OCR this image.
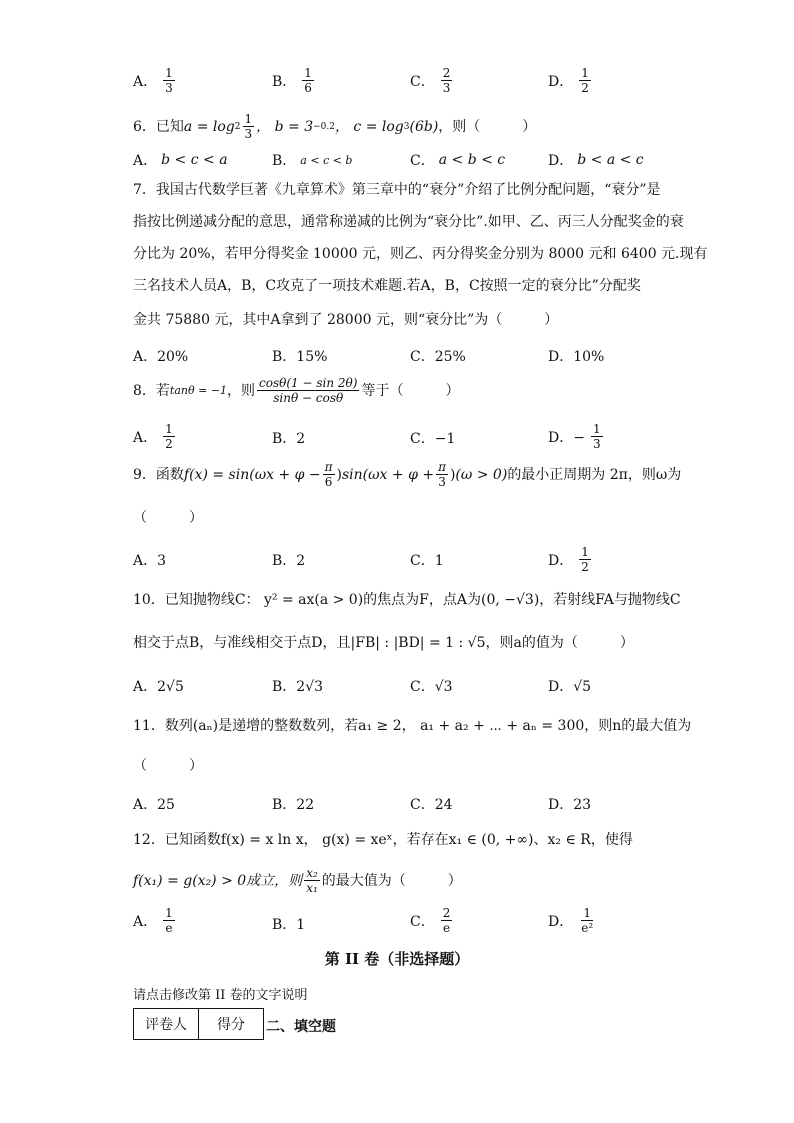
A． $\frac{1}{3}$	B． $\frac{1}{6}$	C． $\frac{2}{3}$	D． $\frac{1}{2}$
6．已知 $a = \log 2 \frac{1}{3}$ ， b = 3 −0.2 ， c = log 3 (6b) ，则（　　　）
A． b < c < a	B． a < c < b	C． a < b < c	D． b < a < c
7．我国古代数学巨著《九章算术》第三章中的“衰分”介绍了比例分配问题，“衰分”是
指按比例递减分配的意思，通常称递减的比例为“衰分比”.如甲、乙、丙三人分配奖金的衰
分比为 20%，若甲分得奖金 10000 元，则乙、丙分得奖金分别为 8000 元和 6400 元.现有
三名技术人员A，B，C攻克了一项技术难题.若A，B，C按照一定的衰分比”分配奖
金共 75880 元，其中A拿到了 28000 元，则“衰分比”为（　　　）
A．20%	B．15%	C．25%	D．10%
8．若 tanθ = −1 ，则 $\frac{\cos\theta(1 - \sin 2\theta)}{\sin\theta - \cos\theta}$ 等于（　　　）
A． $\frac{1}{2}$	B．2	C．−1	D．− $\frac{1}{3}$
9．函数 $f(x) = \sin (\omega x + \varphi - \frac{\pi}{6}$ ) $\sin (\omega x + \varphi + \frac{\pi}{3}$ ) (ω > 0) 的最小正周期为 2π，则ω为
（　　　）
A．3	B．2	C．1	D． $\frac{1}{2}$
10．已知抛物线C： y² = ax(a > 0)的焦点为F，点A为(0, −√3)，若射线FA与抛物线C
相交于点B，与准线相交于点D，且|FB| : |BD| = 1 : √5，则a的值为（　　　）
A．2√5	B．2√3	C．√3	D．√5
11．数列(aₙ)是递增的整数数列，若a₁ ≥ 2， a₁ + a₂ + ⋯ + aₙ = 300，则n的最大值为
（　　　）
A．25	B．22	C．24	D．23
12．已知函数f(x) = x ln x， g(x) = xeˣ，若存在x₁ ∈ (0, +∞)、x₂ ∈ R，使得
f(x₁) = g(x₂) > 0成立，则 $\frac{\text{x₂}}{\text{x₁}}$ 的最大值为（　　　）
A． $\frac{1}{e}$	B．1	C． $\frac{2}{e}$	D． $\frac{1}{\text{e²}}$
第 II 卷（非选择题）
请点击修改第 II 卷的文字说明
评卷人	得分 二、填空题
